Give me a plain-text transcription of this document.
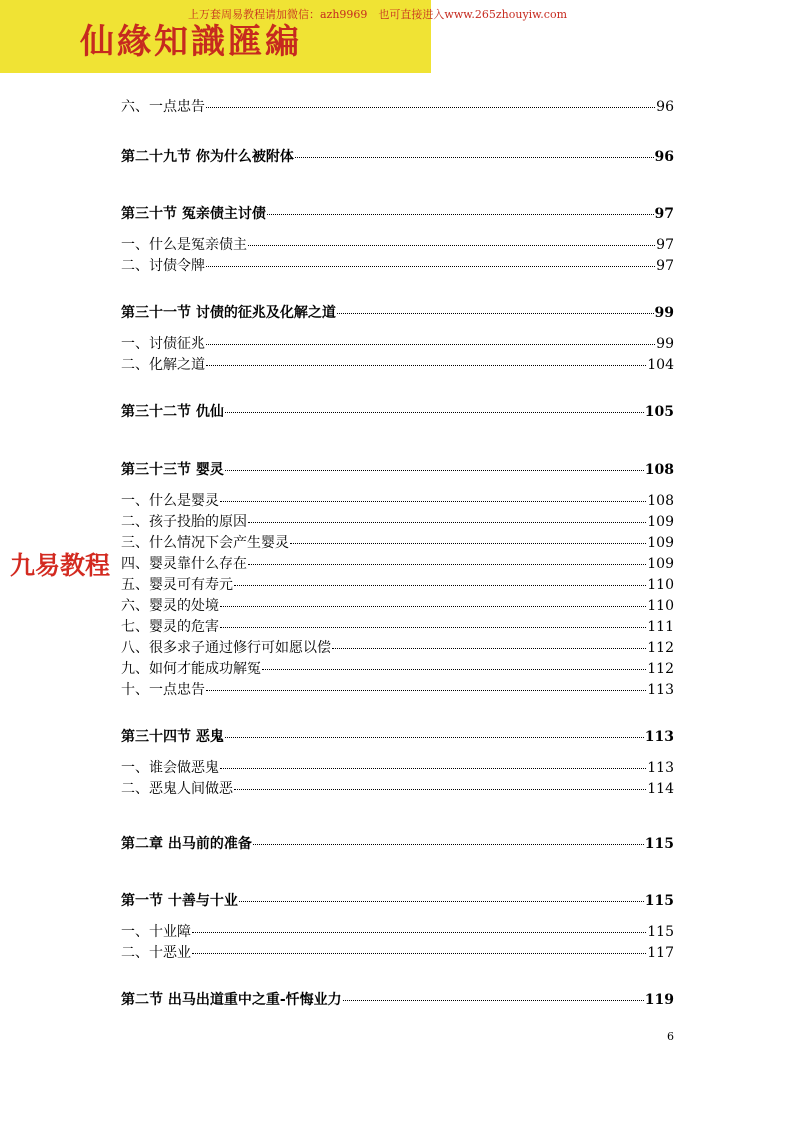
仙緣知識匯編
上万套周易教程请加微信：azh9969　也可直接进入www.265zhouyiw.com
九易教程
六、一点忠告	96
第二十九节 你为什么被附体	96
第三十节 冤亲债主讨债	97
一、什么是冤亲债主	97
二、讨债令牌	97
第三十一节 讨债的征兆及化解之道	99
一、讨债征兆	99
二、化解之道	104
第三十二节 仇仙	105
第三十三节 婴灵	108
一、什么是婴灵	108
二、孩子投胎的原因	109
三、什么情况下会产生婴灵	109
四、婴灵靠什么存在	109
五、婴灵可有寿元	110
六、婴灵的处境	110
七、婴灵的危害	111
八、很多求子通过修行可如愿以偿	112
九、如何才能成功解冤	112
十、一点忠告	113
第三十四节 恶鬼	113
一、谁会做恶鬼	113
二、恶鬼人间做恶	114
第二章 出马前的准备	115
第一节 十善与十业	115
一、十业障	115
二、十恶业	117
第二节 出马出道重中之重-忏悔业力	119
6
